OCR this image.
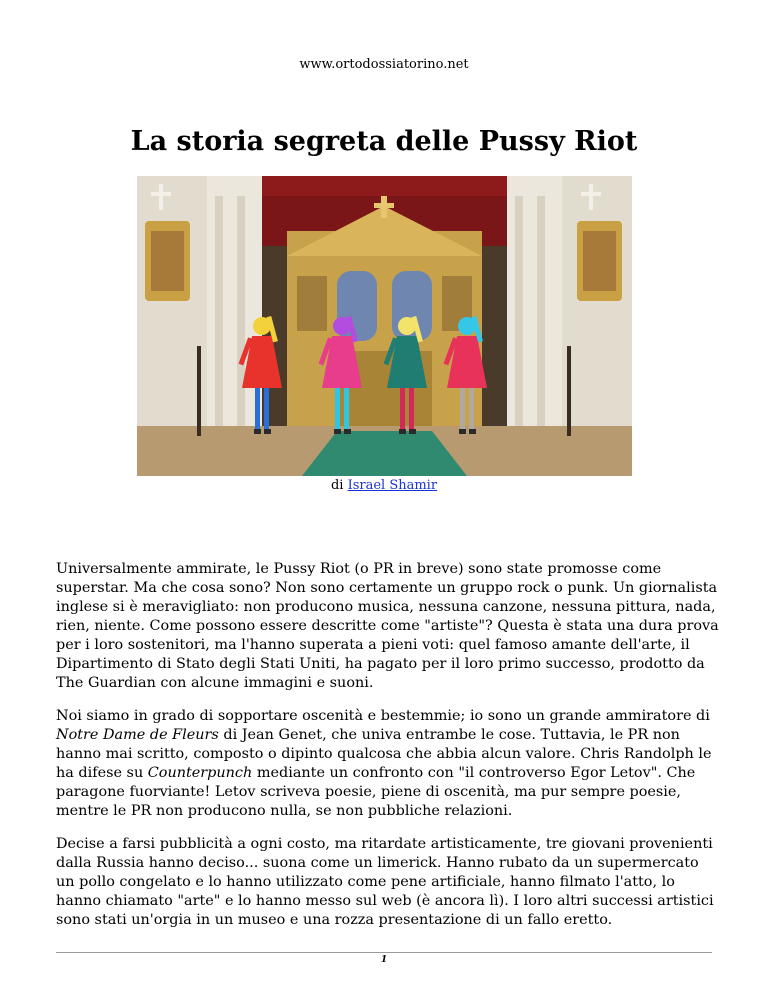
www.ortodossiatorino.net
La storia segreta delle Pussy Riot
di Israel Shamir

Universalmente ammirate, le Pussy Riot (o PR in breve) sono state promosse come superstar. Ma che cosa sono? Non sono certamente un gruppo rock o punk. Un giornalista inglese si è meravigliato: non producono musica, nessuna canzone, nessuna pittura, nada, rien, niente. Come possono essere descritte come "artiste"? Questa è stata una dura prova per i loro sostenitori, ma l'hanno superata a pieni voti: quel famoso amante dell'arte, il Dipartimento di Stato degli Stati Uniti, ha pagato per il loro primo successo, prodotto da The Guardian con alcune immagini e suoni.

Noi siamo in grado di sopportare oscenità e bestemmie; io sono un grande ammiratore di Notre Dame de Fleurs di Jean Genet, che univa entrambe le cose. Tuttavia, le PR non hanno mai scritto, composto o dipinto qualcosa che abbia alcun valore. Chris Randolph le ha difese su Counterpunch mediante un confronto con "il controverso Egor Letov". Che paragone fuorviante! Letov scriveva poesie, piene di oscenità, ma pur sempre poesie, mentre le PR non producono nulla, se non pubbliche relazioni.

Decise a farsi pubblicità a ogni costo, ma ritardate artisticamente, tre giovani provenienti dalla Russia hanno deciso... suona come un limerick. Hanno rubato da un supermercato un pollo congelato e lo hanno utilizzato come pene artificiale, hanno filmato l'atto, lo hanno chiamato "arte" e lo hanno messo sul web (è ancora lì). I loro altri successi artistici sono stati un'orgia in un museo e una rozza presentazione di un fallo eretto.

1
